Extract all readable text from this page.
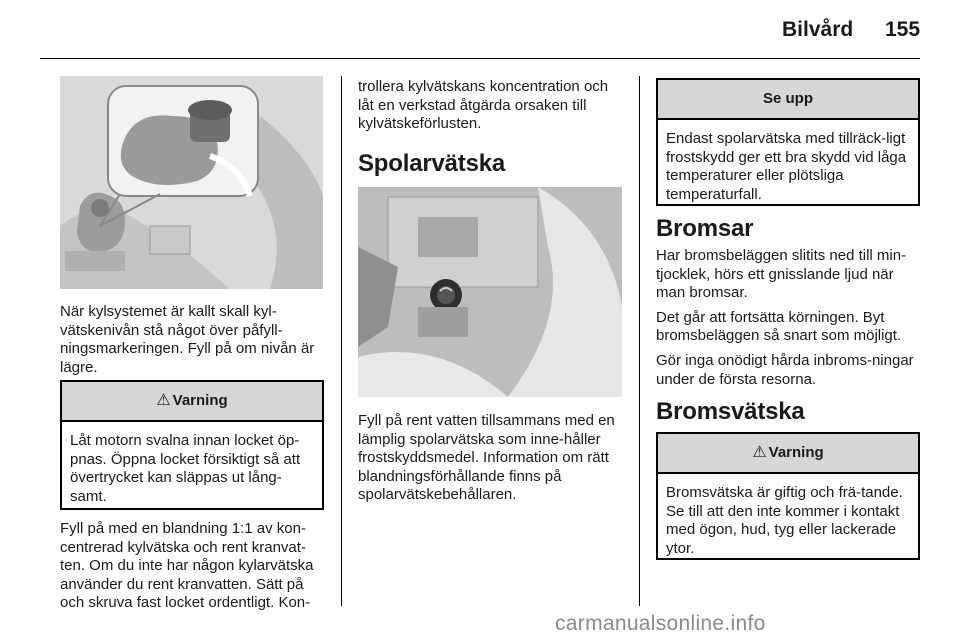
Bilvård 155

När kylsystemet är kallt skall kyl-vätskenivån stå något över påfyll-ningsmarkeringen. Fyll på om nivån är lägre.

⚠ Varning
Låt motorn svalna innan locket öp-pnas. Öppna locket försiktigt så att övertrycket kan släppas ut lång-samt.

Fyll på med en blandning 1:1 av kon-centrerad kylvätska och rent kranvat-ten. Om du inte har någon kylarvätska använder du rent kranvatten. Sätt på och skruva fast locket ordentligt. Kon-

trollera kylvätskans koncentration och låt en verkstad åtgärda orsaken till kylvätskeförlusten.

Spolarvätska

Fyll på rent vatten tillsammans med en lämplig spolarvätska som inne-håller frostskyddsmedel. Information om rätt blandningsförhållande finns på spolarvätskebehållaren.

Se upp
Endast spolarvätska med tillräck-ligt frostskydd ger ett bra skydd vid låga temperaturer eller plötsliga temperaturfall.
Bromsar

Har bromsbeläggen slitits ned till min-tjocklek, hörs ett gnisslande ljud när man bromsar.

Det går att fortsätta körningen. Byt bromsbeläggen så snart som möjligt.

Gör inga onödigt hårda inbroms-ningar under de första resorna.

Bromsvätska
⚠ Varning
Bromsvätska är giftig och frä-tande. Se till att den inte kommer i kontakt med ögon, hud, tyg eller lackerade ytor.
carmanualsonline.info
